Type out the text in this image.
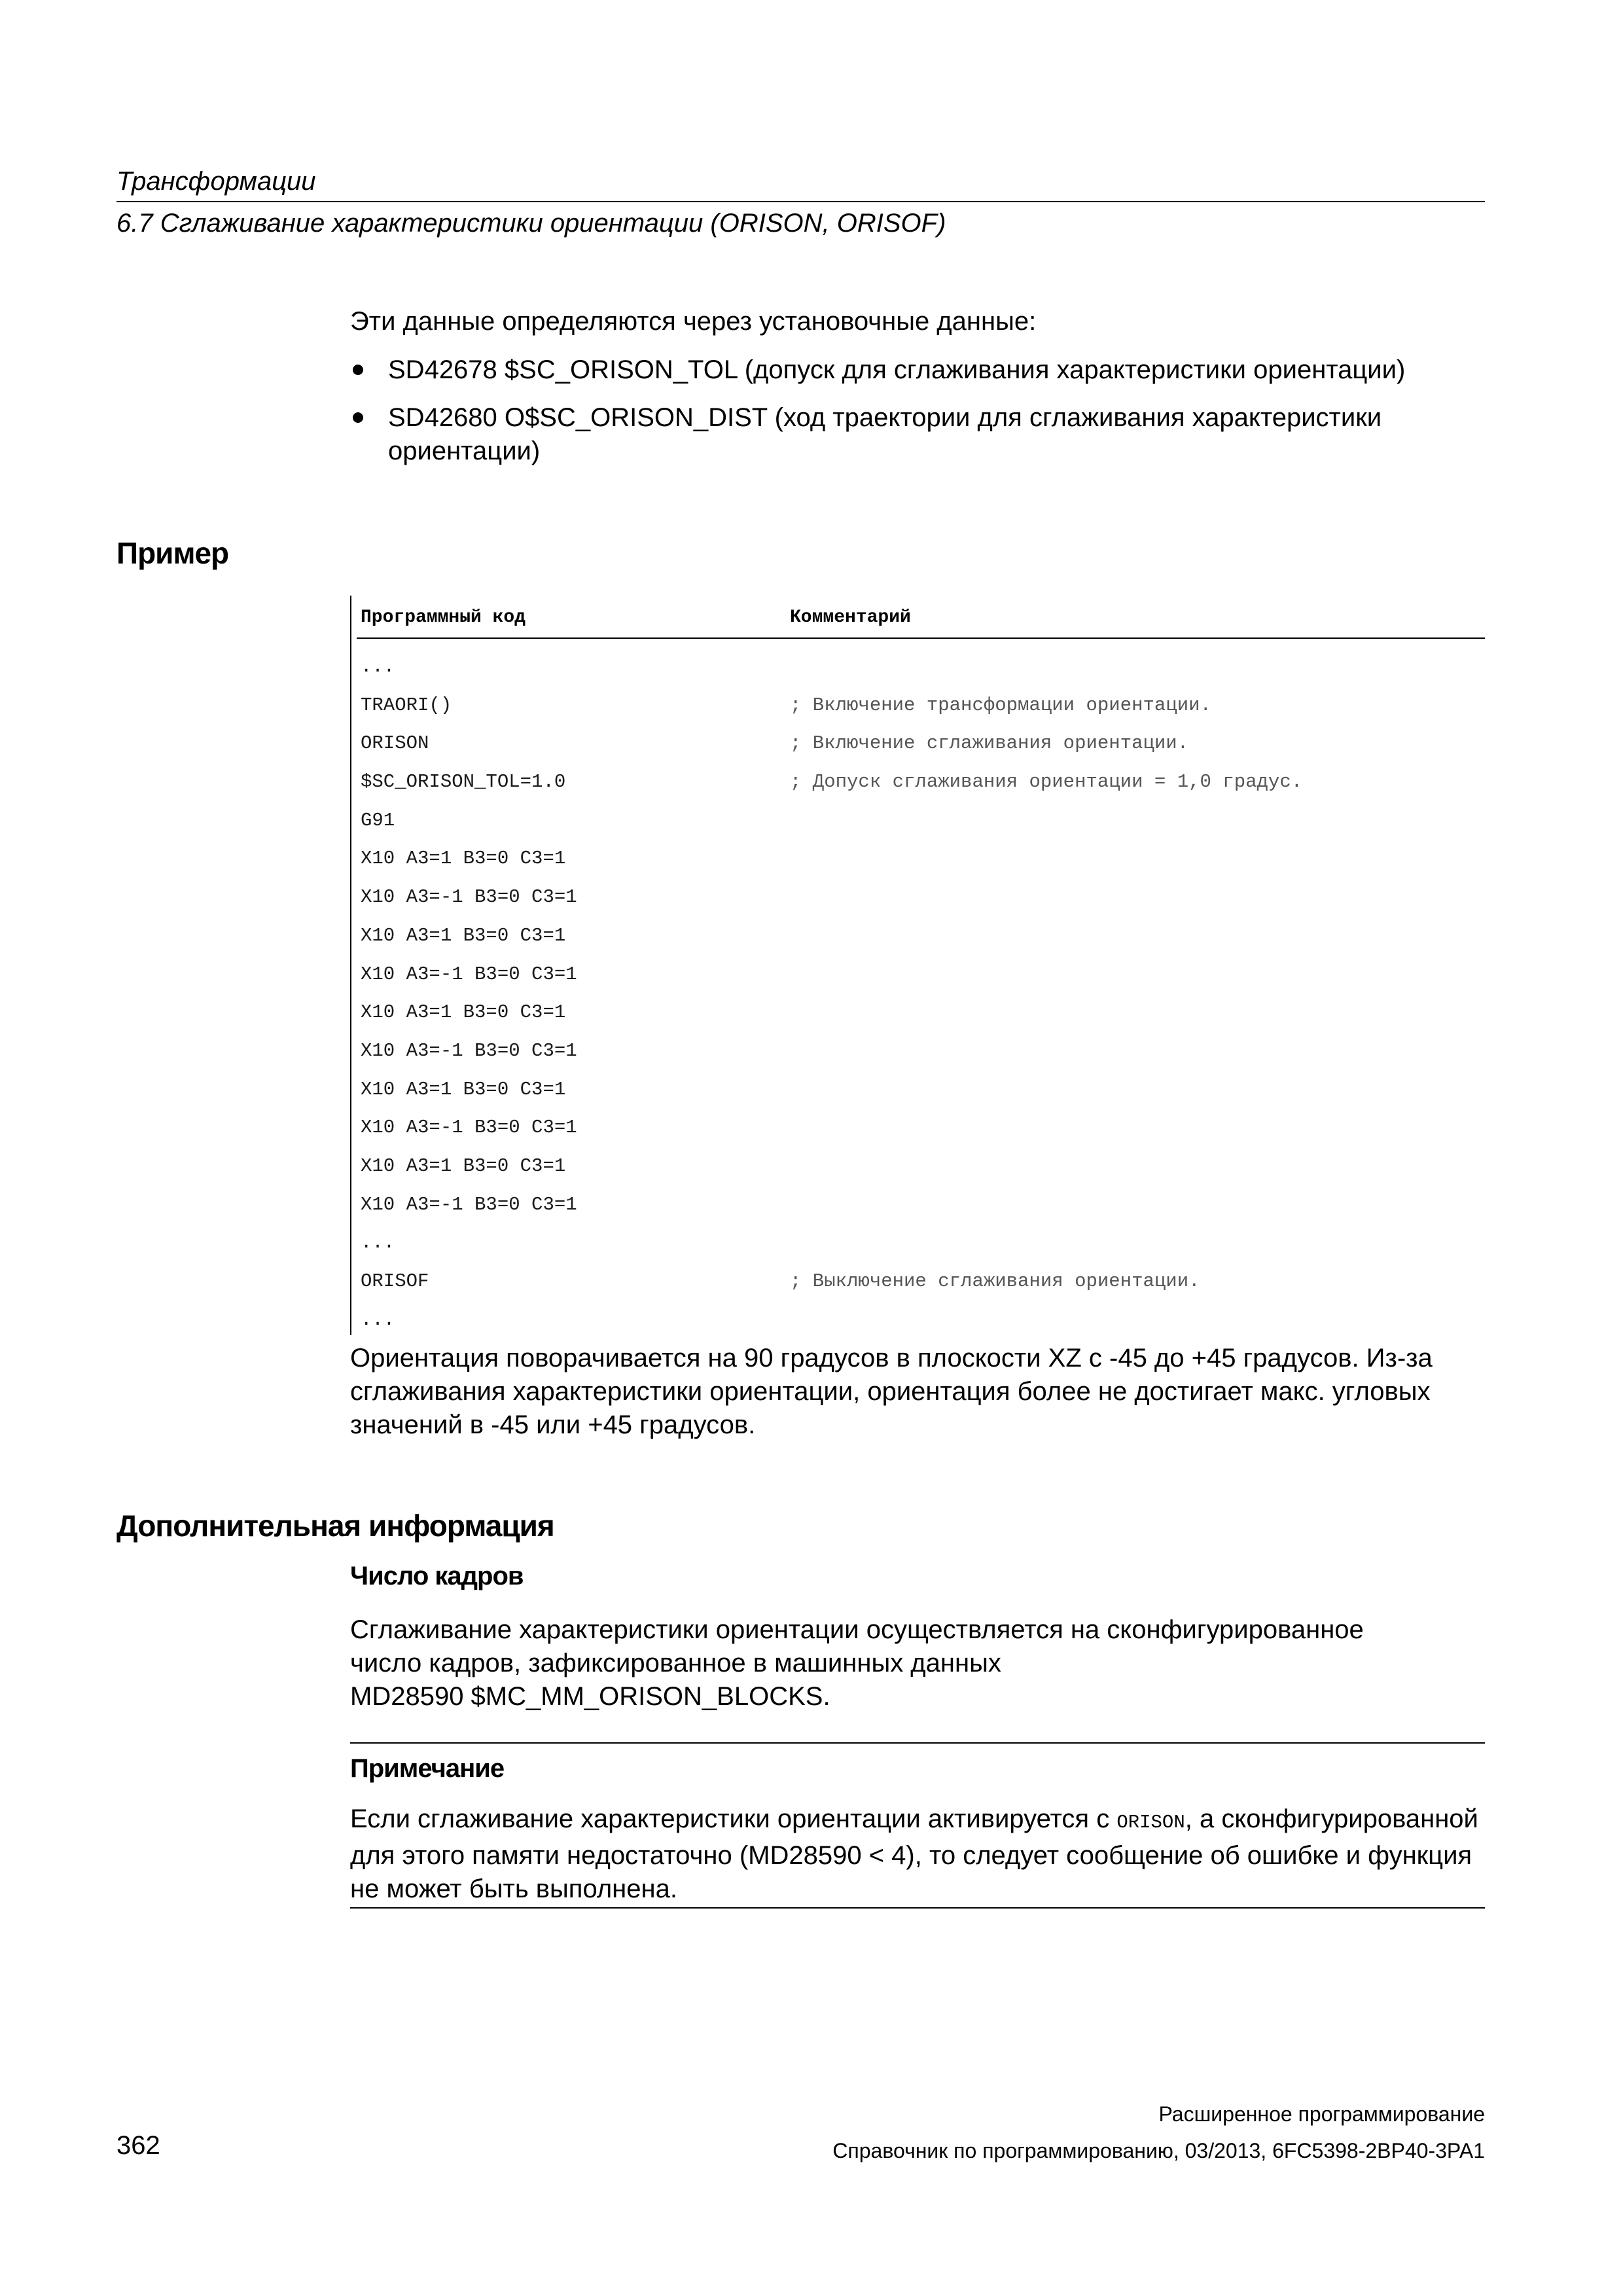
Трансформации
6.7 Сглаживание характеристики ориентации (ORISON, ORISOF)
Эти данные определяются через установочные данные:
SD42678 $SC_ORISON_TOL (допуск для сглаживания характеристики ориентации)
SD42680 O$SC_ORISON_DIST (ход траектории для сглаживания характеристики ориентации)
Пример
Программный код	Комментарий
...
TRAORI()	; Включение трансформации ориентации.
ORISON	; Включение сглаживания ориентации.
$SC_ORISON_TOL=1.0	; Допуск сглаживания ориентации = 1,0 градус.
G91
X10 A3=1 B3=0 C3=1
X10 A3=-1 B3=0 C3=1
X10 A3=1 B3=0 C3=1
X10 A3=-1 B3=0 C3=1
X10 A3=1 B3=0 C3=1
X10 A3=-1 B3=0 C3=1
X10 A3=1 B3=0 C3=1
X10 A3=-1 B3=0 C3=1
X10 A3=1 B3=0 C3=1
X10 A3=-1 B3=0 C3=1
...
ORISOF	; Выключение сглаживания ориентации.
...
Ориентация поворачивается на 90 градусов в плоскости XZ с -45 до +45 градусов. Из-за сглаживания характеристики ориентации, ориентация более не достигает макс. угловых значений в -45 или +45 градусов.
Дополнительная информация
Число кадров
Сглаживание характеристики ориентации осуществляется на сконфигурированное
число кадров, зафиксированное в машинных данных
MD28590 $MC_MM_ORISON_BLOCKS.
Примечание
Если сглаживание характеристики ориентации активируется с ORISON, а сконфигурированной для этого памяти недостаточно (MD28590 < 4), то следует сообщение об ошибке и функция не может быть выполнена.
Расширенное программирование
362	Справочник по программированию, 03/2013, 6FC5398-2BP40-3PA1
